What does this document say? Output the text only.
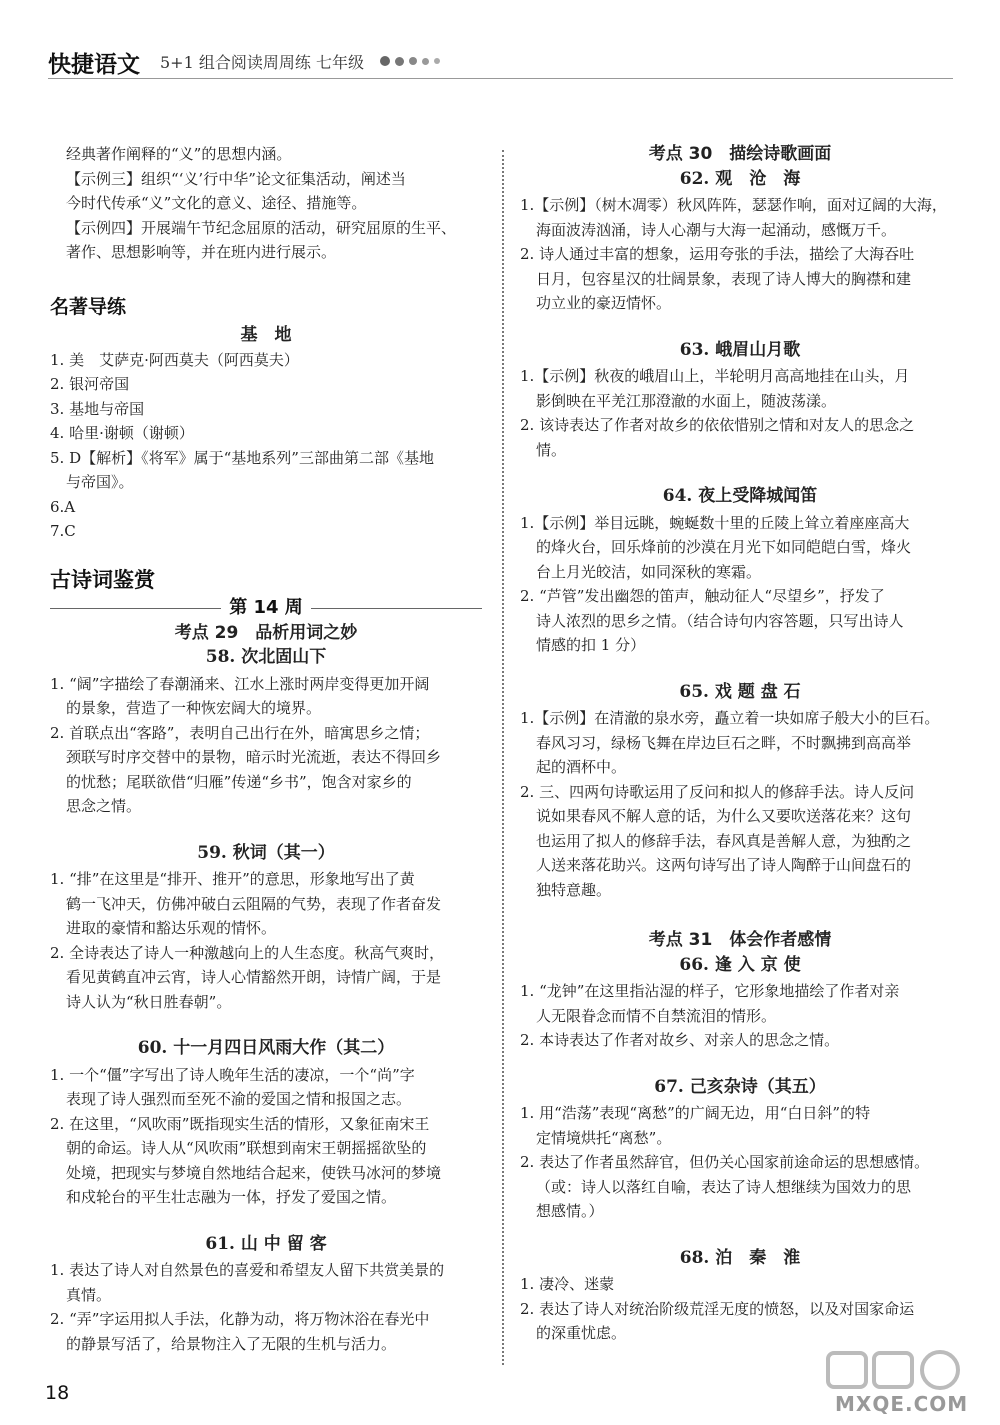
快捷语文 5+1 组合阅读周周练 七年级
经典著作阐释的“义”的思想内涵。
【示例三】组织“‘义’行中华”论文征集活动，阐述当
今时代传承“义”文化的意义、途径、措施等。
【示例四】开展端午节纪念屈原的活动，研究屈原的生平、
著作、思想影响等，并在班内进行展示。
名著导练
基　地
1. 美　艾萨克·阿西莫夫（阿西莫夫）
2. 银河帝国
3. 基地与帝国
4. 哈里·谢顿（谢顿）
5. D【解析】《将军》属于“基地系列”三部曲第二部《基地
与帝国》。
6.A
7.C
古诗词鉴赏
第 14 周
考点 29　品析用词之妙
58. 次北固山下
1. “阔”字描绘了春潮涌来、江水上涨时两岸变得更加开阔
的景象，营造了一种恢宏阔大的境界。
2. 首联点出“客路”，表明自己出行在外，暗寓思乡之情；
颈联写时序交替中的景物，暗示时光流逝，表达不得回乡
的忧愁；尾联欲借“归雁”传递“乡书”，饱含对家乡的
思念之情。
59. 秋词（其一）
1. “排”在这里是“排开、推开”的意思，形象地写出了黄
鹤一飞冲天，仿佛冲破白云阻隔的气势，表现了作者奋发
进取的豪情和豁达乐观的情怀。
2. 全诗表达了诗人一种激越向上的人生态度。秋高气爽时，
看见黄鹤直冲云宵，诗人心情豁然开朗，诗情广阔，于是
诗人认为“秋日胜春朝”。
60. 十一月四日风雨大作（其二）
1. 一个“僵”字写出了诗人晚年生活的凄凉，一个“尚”字
表现了诗人强烈而至死不渝的爱国之情和报国之志。
2. 在这里，“风吹雨”既指现实生活的情形，又象征南宋王
朝的命运。诗人从“风吹雨”联想到南宋王朝摇摇欲坠的
处境，把现实与梦境自然地结合起来，使铁马冰河的梦境
和戍轮台的平生壮志融为一体，抒发了爱国之情。
61. 山 中 留 客
1. 表达了诗人对自然景色的喜爱和希望友人留下共赏美景的
真情。
2. “弄”字运用拟人手法，化静为动，将万物沐浴在春光中
的静景写活了，给景物注入了无限的生机与活力。
考点 30　描绘诗歌画面
62. 观　沧　海
1.【示例】（树木凋零）秋风阵阵，瑟瑟作响，面对辽阔的大海，
海面波涛汹涌，诗人心潮与大海一起涌动，感慨万千。
2. 诗人通过丰富的想象，运用夸张的手法，描绘了大海吞吐
日月，包容星汉的壮阔景象，表现了诗人博大的胸襟和建
功立业的豪迈情怀。
63. 峨眉山月歌
1.【示例】秋夜的峨眉山上，半轮明月高高地挂在山头，月
影倒映在平羌江那澄澈的水面上，随波荡漾。
2. 该诗表达了作者对故乡的依依惜别之情和对友人的思念之
情。
64. 夜上受降城闻笛
1.【示例】举目远眺，蜿蜒数十里的丘陵上耸立着座座高大
的烽火台，回乐烽前的沙漠在月光下如同皑皑白雪，烽火
台上月光皎洁，如同深秋的寒霜。
2. “芦管”发出幽怨的笛声，触动征人“尽望乡”，抒发了
诗人浓烈的思乡之情。（结合诗句内容答题，只写出诗人
情感的扣 1 分）
65. 戏 题 盘 石
1.【示例】在清澈的泉水旁，矗立着一块如席子般大小的巨石。
春风习习，绿杨飞舞在岸边巨石之畔，不时飘拂到高高举
起的酒杯中。
2. 三、四两句诗歌运用了反问和拟人的修辞手法。诗人反问
说如果春风不解人意的话，为什么又要吹送落花来？这句
也运用了拟人的修辞手法，春风真是善解人意，为独酌之
人送来落花助兴。这两句诗写出了诗人陶醉于山间盘石的
独特意趣。
考点 31　体会作者感情
66. 逢 入 京 使
1. “龙钟”在这里指沾湿的样子，它形象地描绘了作者对亲
人无限眷念而情不自禁流泪的情形。
2. 本诗表达了作者对故乡、对亲人的思念之情。
67. 己亥杂诗（其五）
1. 用“浩荡”表现“离愁”的广阔无边，用“白日斜”的特
定情境烘托“离愁”。
2. 表达了作者虽然辞官，但仍关心国家前途命运的思想感情。
（或：诗人以落红自喻，表达了诗人想继续为国效力的思
想感情。）
68. 泊　秦　淮
1. 凄冷、迷蒙
2. 表达了诗人对统治阶级荒淫无度的愤怒，以及对国家命运
的深重忧虑。
18	MXQE.COM
